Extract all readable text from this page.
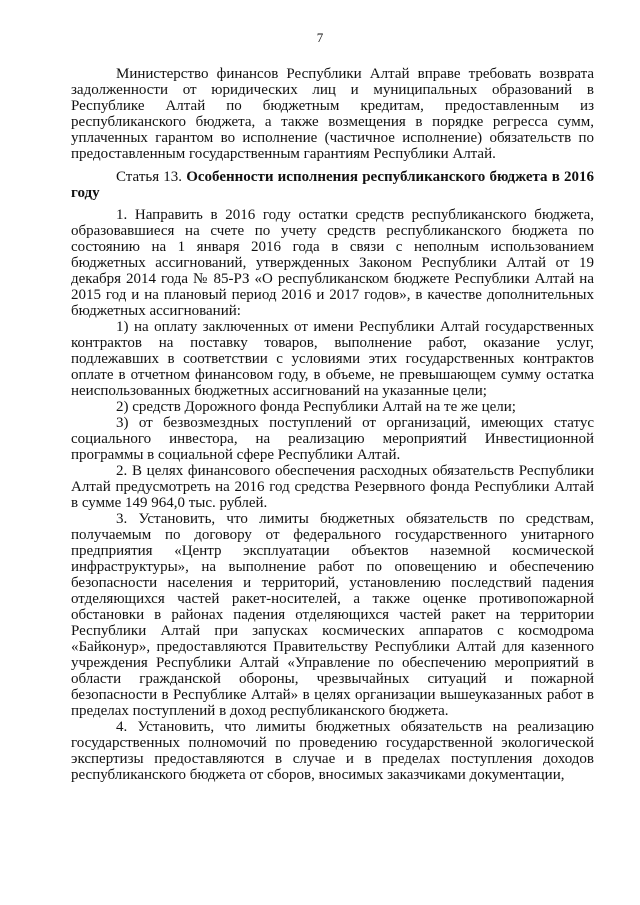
7

Министерство финансов Республики Алтай вправе требовать возврата задолженности от юридических лиц и муниципальных образований в Республике Алтай по бюджетным кредитам, предоставленным из республиканского бюджета, а также возмещения в порядке регресса сумм, уплаченных гарантом во исполнение (частичное исполнение) обязательств по предоставленным государственным гарантиям Республики Алтай.

Статья 13. Особенности исполнения республиканского бюджета в 2016 году

1. Направить в 2016 году остатки средств республиканского бюджета, образовавшиеся на счете по учету средств республиканского бюджета по состоянию на 1 января 2016 года в связи с неполным использованием бюджетных ассигнований, утвержденных Законом Республики Алтай от 19 декабря 2014 года № 85-РЗ «О республиканском бюджете Республики Алтай на 2015 год и на плановый период 2016 и 2017 годов», в качестве дополнительных бюджетных ассигнований:

1) на оплату заключенных от имени Республики Алтай государственных контрактов на поставку товаров, выполнение работ, оказание услуг, подлежавших в соответствии с условиями этих государственных контрактов оплате в отчетном финансовом году, в объеме, не превышающем сумму остатка неиспользованных бюджетных ассигнований на указанные цели;

2) средств Дорожного фонда Республики Алтай на те же цели;

3) от безвозмездных поступлений от организаций, имеющих статус социального инвестора, на реализацию мероприятий Инвестиционной программы в социальной сфере Республики Алтай.

2. В целях финансового обеспечения расходных обязательств Республики Алтай предусмотреть на 2016 год средства Резервного фонда Республики Алтай в сумме 149 964,0 тыс. рублей.

3. Установить, что лимиты бюджетных обязательств по средствам, получаемым по договору от федерального государственного унитарного предприятия «Центр эксплуатации объектов наземной космической инфраструктуры», на выполнение работ по оповещению и обеспечению безопасности населения и территорий, установлению последствий падения отделяющихся частей ракет-носителей, а также оценке противопожарной обстановки в районах падения отделяющихся частей ракет на территории Республики Алтай при запусках космических аппаратов с космодрома «Байконур», предоставляются Правительству Республики Алтай для казенного учреждения Республики Алтай «Управление по обеспечению мероприятий в области гражданской обороны, чрезвычайных ситуаций и пожарной безопасности в Республике Алтай» в целях организации вышеуказанных работ в пределах поступлений в доход республиканского бюджета.

4. Установить, что лимиты бюджетных обязательств на реализацию государственных полномочий по проведению государственной экологической экспертизы предоставляются в случае и в пределах поступления доходов республиканского бюджета от сборов, вносимых заказчиками документации,
